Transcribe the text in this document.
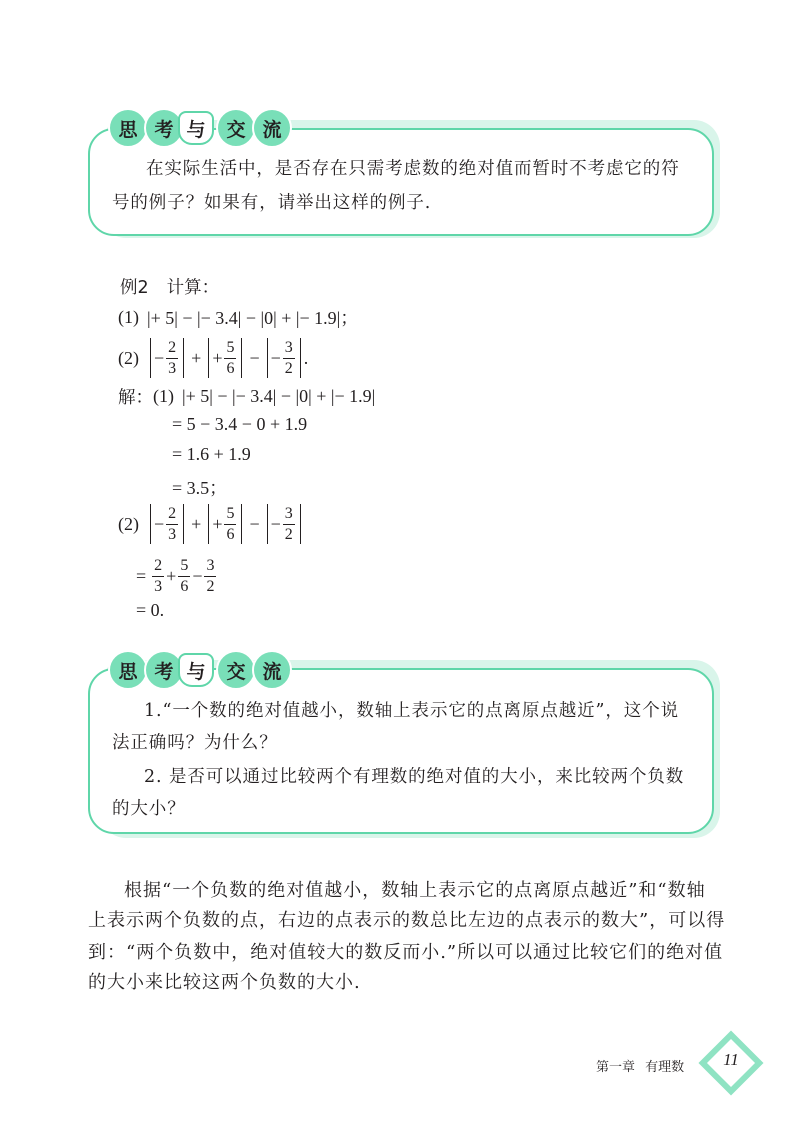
思 考 与	交 流
在实际生活中，是否存在只需考虑数的绝对值而暂时不考虑它的符
号的例子？如果有，请举出这样的例子.
例2 计算：
(1) |+ 5| − |− 3.4| − |0| + |− 1.9|；
$(2) - \frac{2}{3}$ + + $\frac{5}{6}$ − − $\frac{3}{2}$ .
解： (1) |+ 5| − |− 3.4| − |0| + |− 1.9|
= 5 − 3.4 − 0 + 1.9
= 1.6 + 1.9
= 3.5；
$(2) - \frac{2}{3}$ + + $\frac{5}{6}$ − − $\frac{3}{2}$
= $\frac{2}{3} + \frac{5}{6} - \frac{3}{2}$
= 0.
思 考 与	交 流
1.“一个数的绝对值越小，数轴上表示它的点离原点越近”，这个说
法正确吗？为什么？
2. 是否可以通过比较两个有理数的绝对值的大小，来比较两个负数
的大小？
根据“一个负数的绝对值越小，数轴上表示它的点离原点越近”和“数轴
上表示两个负数的点，右边的点表示的数总比左边的点表示的数大”，可以得
到：“两个负数中，绝对值较大的数反而小.”所以可以通过比较它们的绝对值
的大小来比较这两个负数的大小.
第一章 有理数	11
